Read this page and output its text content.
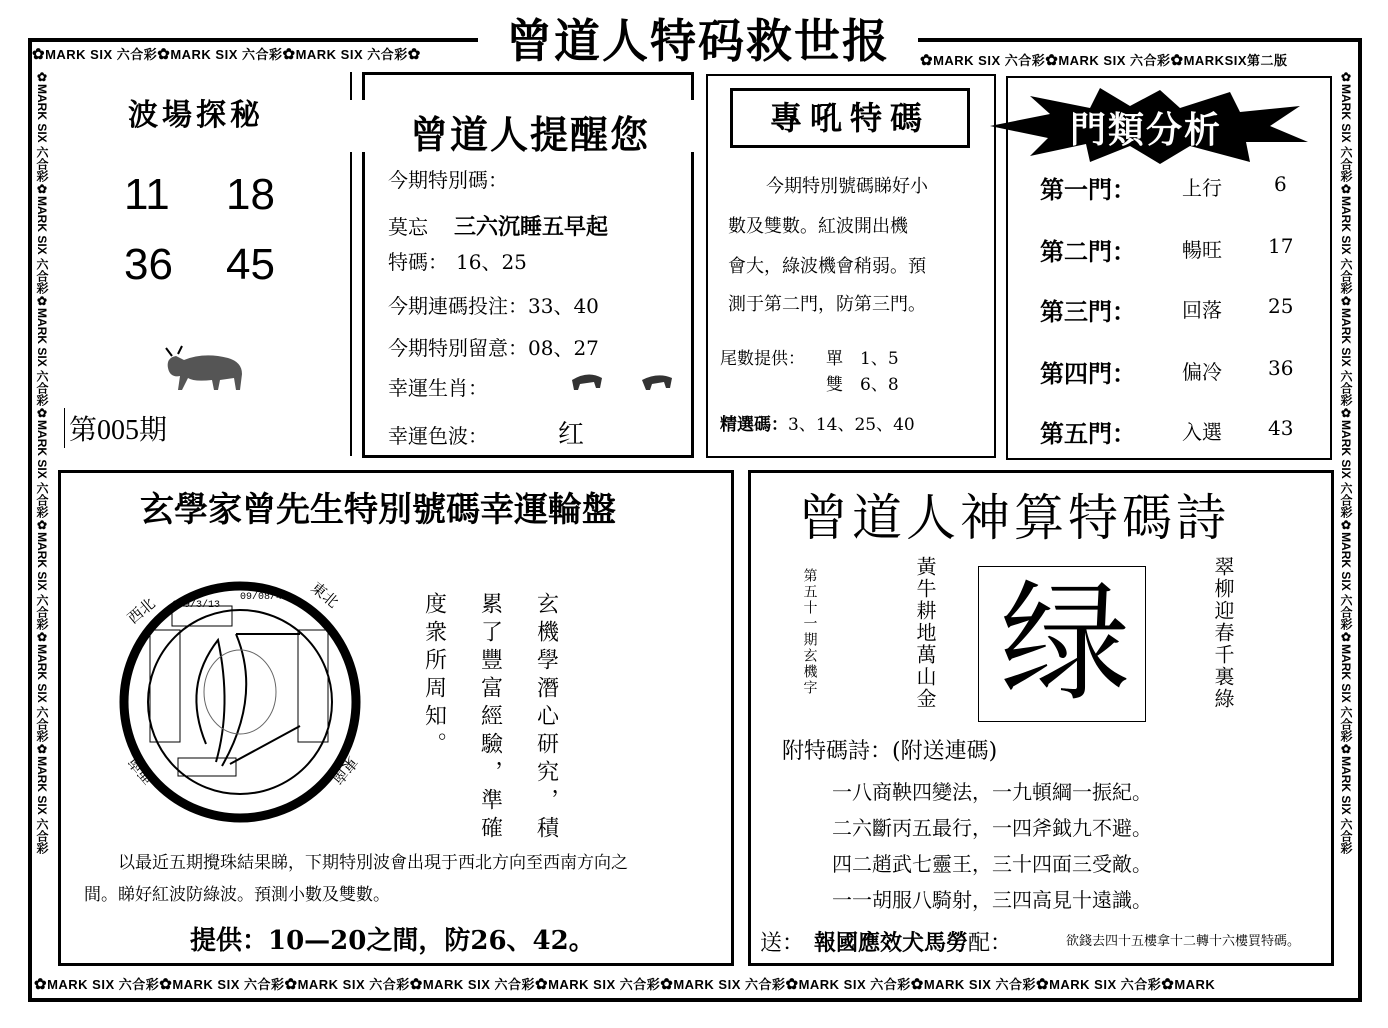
✿MARK SIX 六合彩✿MARK SIX 六合彩✿MARK SIX 六合彩✿	✿MARK SIX 六合彩✿MARK SIX 六合彩✿MARKSIX第二版
✿MARK SIX 六合彩✿MARK SIX 六合彩✿MARK SIX 六合彩✿MARK SIX 六合彩✿MARK SIX 六合彩✿MARK SIX 六合彩✿MARK SIX 六合彩✿MARK SIX 六合彩✿MARK SIX 六合彩✿MARK
✿MARK SIX 六合彩✿MARK SIX 六合彩✿MARK SIX 六合彩✿MARK SIX 六合彩✿MARK SIX 六合彩✿MARK SIX 六合彩✿MARK SIX 六合彩
✿MARK SIX 六合彩✿MARK SIX 六合彩✿MARK SIX 六合彩✿MARK SIX 六合彩✿MARK SIX 六合彩✿MARK SIX 六合彩✿MARK SIX 六合彩
曾道人特码救世报
波場探秘
11 18
36 45
第005期
曾道人提醒您
今期特別碼：
莫忘 三六沉睡五早起
特碼： 16、25
今期連碼投注：33、40
今期特別留意：08、27
幸運生肖：
幸運色波：	红
專吼特碼
今期特別號碼睇好小
數及雙數。紅波開出機
會大，綠波機會稍弱。預
測于第二門，防第三門。
尾數提供： 單　1、5
雙　6、8
精選碼：3、14、25、40
門類分析
第一門： 上行	6
第二門： 暢旺 17
第三門： 回落 25
第四門： 偏冷 36
第五門： 入選 43
玄學家曾先生特別號碼幸運輪盤
6/9/3/13
09/08/47
西北	東北
西南	東南	玄機學潛心研究，積
累了豐富經驗，準確
度衆所周知。
以最近五期攪珠結果睇，下期特別波會出現于西北方向至西南方向之
間。睇好紅波防綠波。預測小數及雙數。
提供：10—20之間，防26、42。
曾道人神算特碼詩
第五十一期玄機字	黃牛耕地萬山金 绿	翠柳迎春千裏綠
附特碼詩：(附送連碼)
一八商鞅四變法，一九頓綱一振紀。
二六斷丙五最行，一四斧鉞九不避。
四二趙武七靈王，三十四面三受敵。
一一胡服八騎射，三四高見十遠識。
送： 報國應效犬馬勞配：	欲錢去四十五樓拿十二轉十六樓買特碼。
